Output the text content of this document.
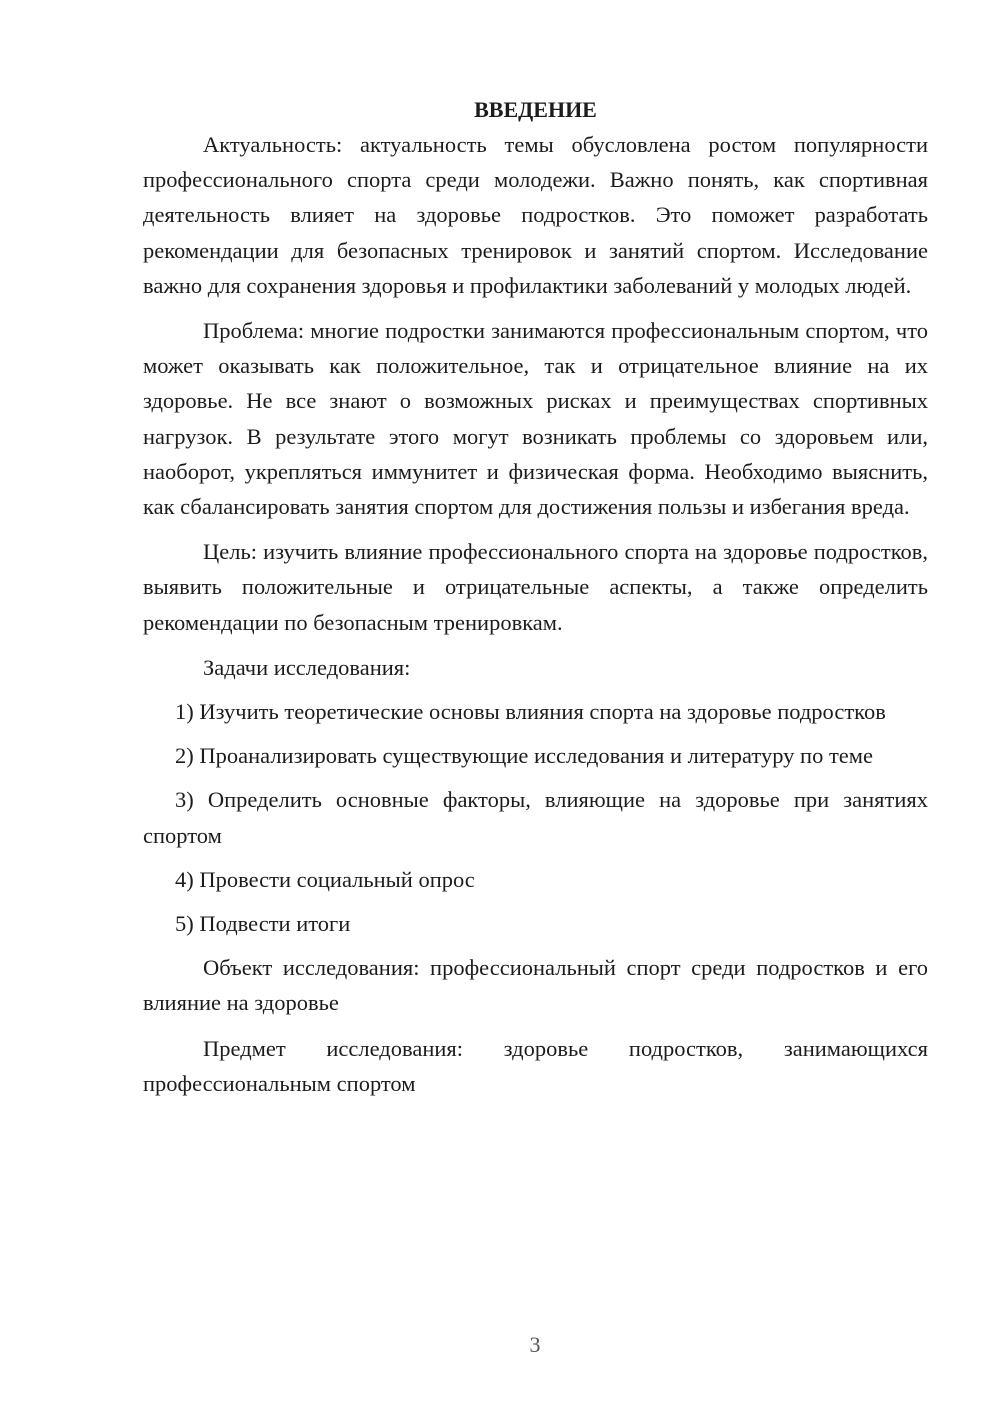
ВВЕДЕНИЕ

Актуальность: актуальность темы обусловлена ростом популярности профессионального спорта среди молодежи. Важно понять, как спортивная деятельность влияет на здоровье подростков. Это поможет разработать рекомендации для безопасных тренировок и занятий спортом. Исследование важно для сохранения здоровья и профилактики заболеваний у молодых людей.

Проблема: многие подростки занимаются профессиональным спортом, что может оказывать как положительное, так и отрицательное влияние на их здоровье. Не все знают о возможных рисках и преимуществах спортивных нагрузок. В результате этого могут возникать проблемы со здоровьем или, наоборот, укрепляться иммунитет и физическая форма. Необходимо выяснить, как сбалансировать занятия спортом для достижения пользы и избегания вреда.

Цель: изучить влияние профессионального спорта на здоровье подростков, выявить положительные и отрицательные аспекты, а также определить рекомендации по безопасным тренировкам.

Задачи исследования:

1) Изучить теоретические основы влияния спорта на здоровье подростков

2) Проанализировать существующие исследования и литературу по теме

3) Определить основные факторы, влияющие на здоровье при занятиях спортом

4) Провести социальный опрос

5) Подвести итоги

Объект исследования: профессиональный спорт среди подростков и его влияние на здоровье

Предмет исследования: здоровье подростков, занимающихся профессиональным спортом

3
